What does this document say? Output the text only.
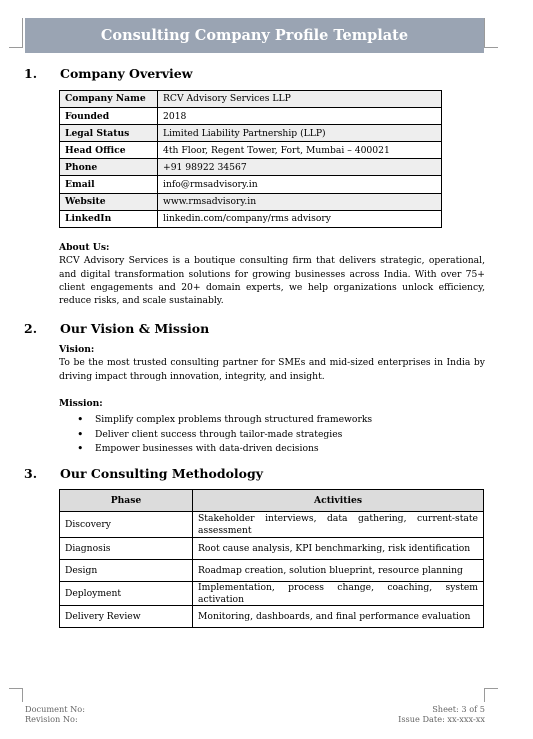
Consulting Company Profile Template
1. Company Overview
Company Name	RCV Advisory Services LLP
Founded	2018
Legal Status	Limited Liability Partnership (LLP)
Head Office	4th Floor, Regent Tower, Fort, Mumbai – 400021
Phone	+91 98922 34567
Email	info@rmsadvisory.in
Website	www.rmsadvisory.in
LinkedIn	linkedin.com/company/rms advisory
About Us:
RCV Advisory Services is a boutique consulting firm that delivers strategic, operational, and digital transformation solutions for growing businesses across India. With over 75+ client engagements and 20+ domain experts, we help organizations unlock efficiency, reduce risks, and scale sustainably.
2. Our Vision & Mission
Vision:
To be the most trusted consulting partner for SMEs and mid-sized enterprises in India by driving impact through innovation, integrity, and insight.
Mission:
• Simplify complex problems through structured frameworks
• Deliver client success through tailor-made strategies
• Empower businesses with data-driven decisions
3. Our Consulting Methodology
Phase	Activities
Discovery	Stakeholder interviews, data gathering, current-state assessment
Diagnosis	Root cause analysis, KPI benchmarking, risk identification
Design	Roadmap creation, solution blueprint, resource planning
Deployment	Implementation, process change, coaching, system activation
Delivery Review	Monitoring, dashboards, and final performance evaluation
Document No:
Revision No:
Sheet: 3 of 5
Issue Date: xx-xxx-xx
